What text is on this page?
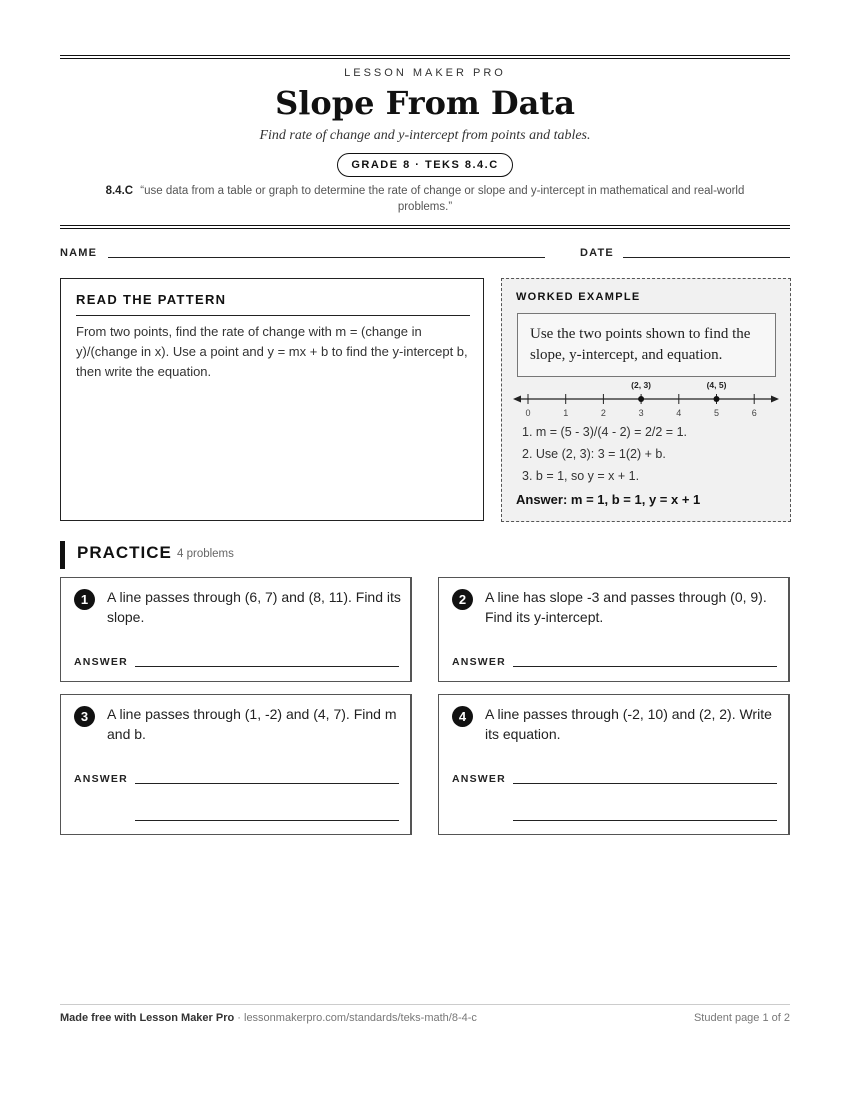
LESSON MAKER PRO
Slope From Data
Find rate of change and y-intercept from points and tables.
GRADE 8 · TEKS 8.4.C
8.4.C “use data from a table or graph to determine the rate of change or slope and y-intercept in mathematical and real-world problems.”
NAME	DATE
READ THE PATTERN

From two points, find the rate of change with m = (change in y)/(change in x). Use a point and y = mx + b to find the y-intercept b, then write the equation.

WORKED EXAMPLE
Use the two points shown to find the slope, y-intercept, and equation.
0	1	2	3	4	5	6
(2, 3)	(4, 5)
1. m = (5 - 3)/(4 - 2) = 2/2 = 1.
2. Use (2, 3): 3 = 1(2) + b.
3. b = 1, so y = x + 1.
Answer: m = 1, b = 1, y = x + 1
PRACTICE 4 problems
1	A line passes through (6, 7) and (8, 11). Find its slope.
ANSWER
2	A line has slope -3 and passes through (0, 9). Find its y-intercept.
ANSWER
3	A line passes through (1, -2) and (4, 7). Find m and b.
ANSWER
4	A line passes through (-2, 10) and (2, 2). Write its equation.
ANSWER
Made free with Lesson Maker Pro · lessonmakerpro.com/standards/teks-math/8-4-c	Student page 1 of 2
